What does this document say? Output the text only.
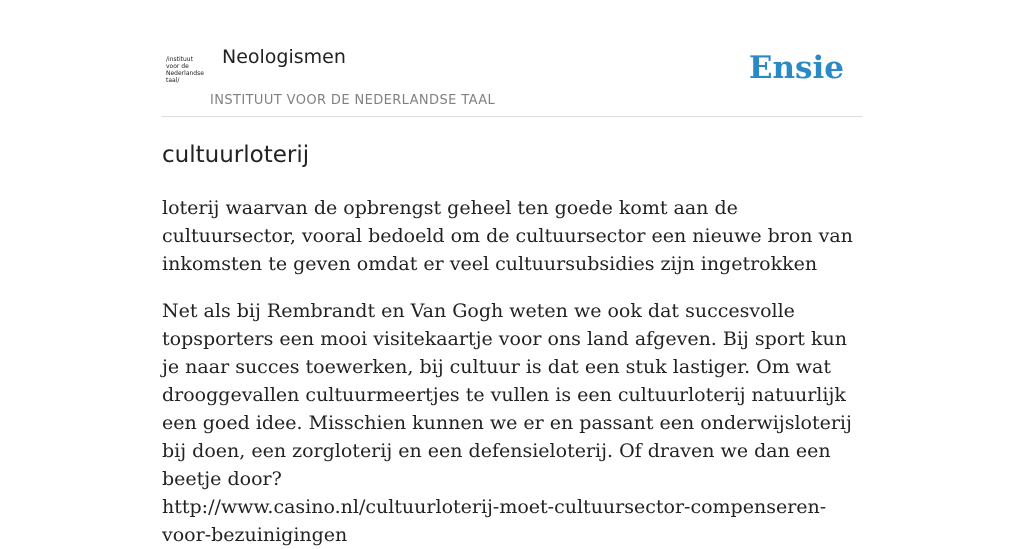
/instituut
voor de
Nederlandse
taal/
Neologismen
INSTITUUT VOOR DE NEDERLANDSE TAAL
Ensie
cultuurloterij

loterij waarvan de opbrengst geheel ten goede komt aan de cultuursector, vooral bedoeld om de cultuursector een nieuwe bron van inkomsten te geven omdat er veel cultuursubsidies zijn ingetrokken

Net als bij Rembrandt en Van Gogh weten we ook dat succesvolle topsporters een mooi visitekaartje voor ons land afgeven. Bij sport kun je naar succes toewerken, bij cultuur is dat een stuk lastiger. Om wat drooggevallen cultuurmeertjes te vullen is een cultuurloterij natuurlijk een goed idee. Misschien kunnen we er en passant een onderwijsloterij bij doen, een zorgloterij en een defensieloterij. Of draven we dan een beetje door?
http://www.casino.nl/cultuurloterij-moet-cultuursector-compenseren-voor-bezuinigingen
